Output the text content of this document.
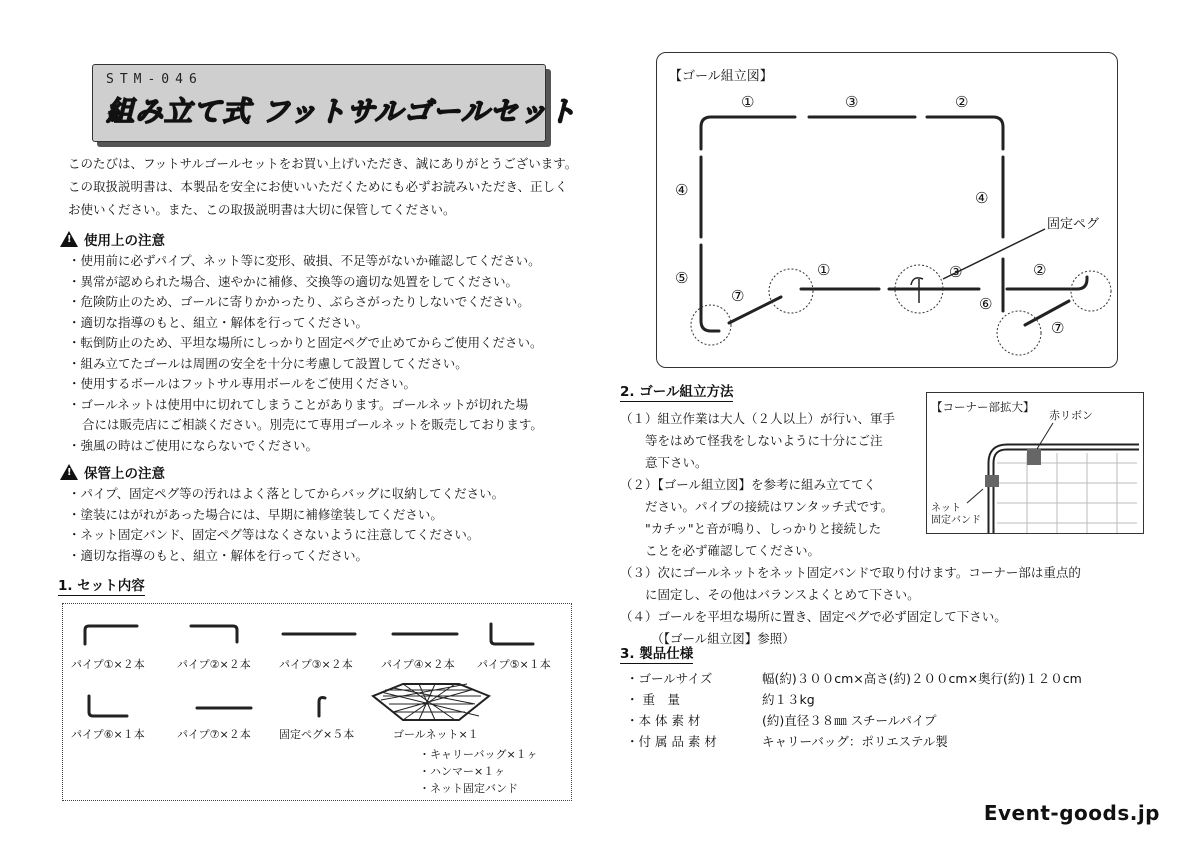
STM-046
組み立て式 フットサルゴールセット
このたびは、フットサルゴールセットをお買い上げいただき、誠にありがとうございます。
この取扱説明書は、本製品を安全にお使いいただくためにも必ずお読みいただき、正しく
お使いください。また、この取扱説明書は大切に保管してください。
!使用上の注意
・ 使用前に必ずパイプ、ネット等に変形、破損、不足等がないか確認してください。
・ 異常が認められた場合、速やかに補修、交換等の適切な処置をしてください。
・ 危険防止のため、ゴールに寄りかかったり、ぶらさがったりしないでください。
・ 適切な指導のもと、組立・解体を行ってください。
・ 転倒防止のため、平坦な場所にしっかりと固定ペグで止めてからご使用ください。
・ 組み立てたゴールは周囲の安全を十分に考慮して設置してください。
・ 使用するボールはフットサル専用ボールをご使用ください。
・ ゴールネットは使用中に切れてしまうことがあります。ゴールネットが切れた場
合には販売店にご相談ください。別売にて専用ゴールネットを販売しております。
・ 強風の時はご使用にならないでください。
!保管上の注意
・ パイプ、固定ペグ等の汚れはよく落としてからバッグに収納してください。
・ 塗装にはがれがあった場合には、早期に補修塗装してください。
・ ネット固定バンド、固定ペグ等はなくさないように注意してください。
・ 適切な指導のもと、組立・解体を行ってください。
1. セット内容
パイプ①×２本	パイプ②×２本	パイプ③×２本	パイプ④×２本 パイプ⑤×１本
パイプ⑥×１本	パイプ⑦×２本	固定ペグ×５本	ゴールネット×１
・キャリーバッグ×１ヶ
・ハンマー×１ヶ
・ネット固定バンド
【ゴール組立図】
①	③	②
④	④
⑤
⑦
①	③	②
⑥
⑦
固定ペグ
2. ゴール組立方法
（１）組立作業は大人（２人以上）が行い、軍手
　　等をはめて怪我をしないように十分にご注
　　意下さい。
（２）【ゴール組立図】を参考に組み立ててく
　　ださい。パイプの接続はワンタッチ式です。
　　"カチッ"と音が鳴り、しっかりと接続した
　　ことを必ず確認してください。
（３）次にゴールネットをネット固定バンドで取り付けます。コーナー部は重点的
　　に固定し、その他はバランスよくとめて下さい。
（４）ゴールを平坦な場所に置き、固定ペグで必ず固定して下さい。
　　　（【ゴール組立図】参照）
【コーナー部拡大】
赤リボン
ネット
固定バンド
3. 製品仕様
・ゴールサイズ	幅(約)３００cm×高さ(約)２００cm×奥行(約)１２０cm
・ 重　量	約１３kg
・本 体 素 材	(約)直径３８㎜ スチールパイプ
・付 属 品 素 材	キャリーバッグ：ポリエステル製
Event-goods.jp
